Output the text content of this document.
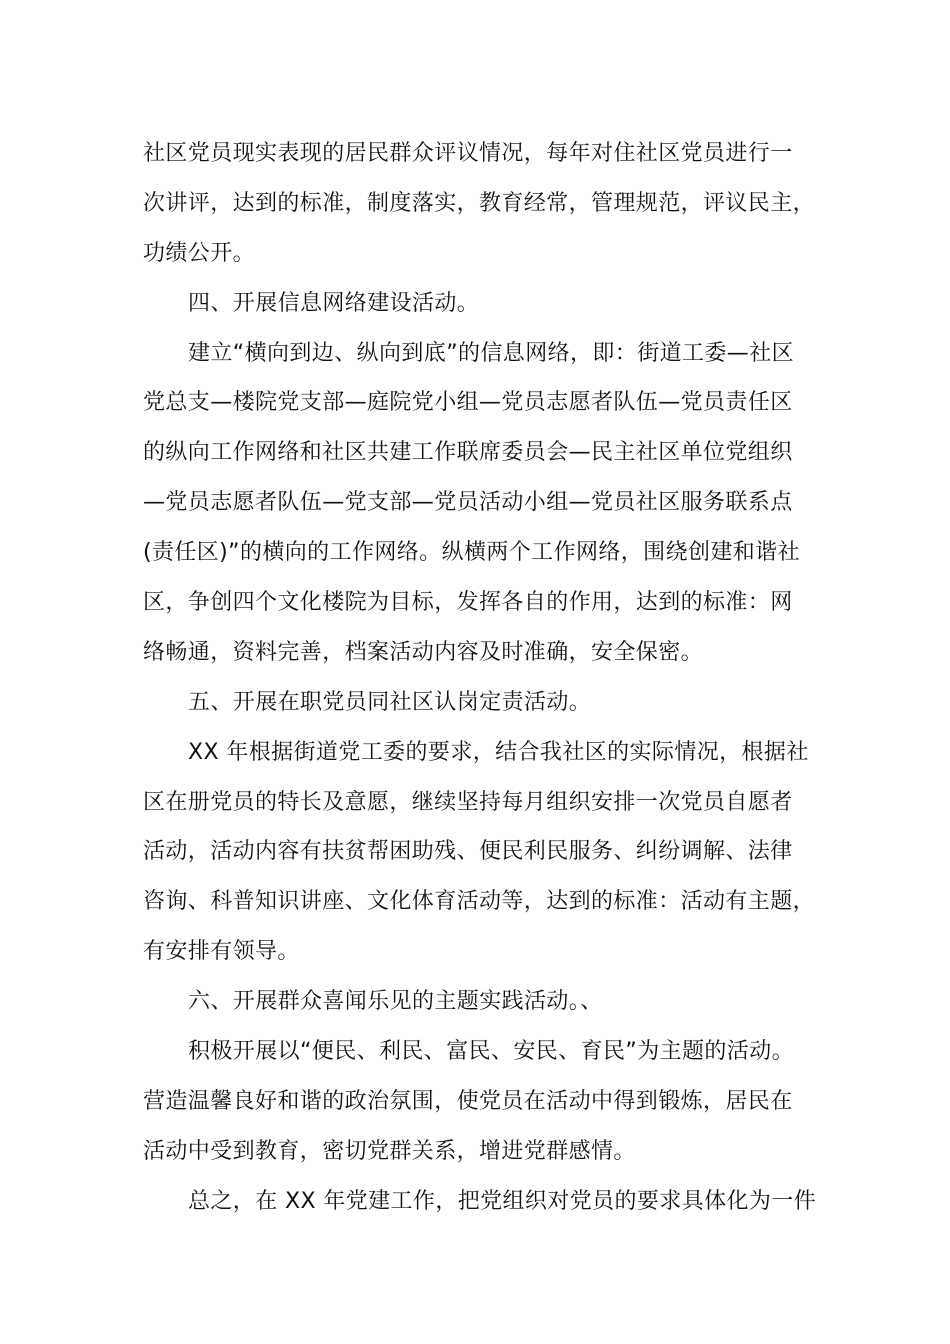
社区党员现实表现的居民群众评议情况，每年对住社区党员进行一
次讲评，达到的标准，制度落实，教育经常，管理规范，评议民主，
功绩公开。
四、开展信息网络建设活动。
建立“横向到边、纵向到底”的信息网络，即：街道工委—社区
党总支—楼院党支部—庭院党小组—党员志愿者队伍—党员责任区
的纵向工作网络和社区共建工作联席委员会—民主社区单位党组织
—党员志愿者队伍—党支部—党员活动小组—党员社区服务联系点
(责任区)”的横向的工作网络。纵横两个工作网络，围绕创建和谐社
区，争创四个文化楼院为目标，发挥各自的作用，达到的标准：网
络畅通，资料完善，档案活动内容及时准确，安全保密。
五、开展在职党员同社区认岗定责活动。
XX 年根据街道党工委的要求，结合我社区的实际情况，根据社
区在册党员的特长及意愿，继续坚持每月组织安排一次党员自愿者
活动，活动内容有扶贫帮困助残、便民利民服务、纠纷调解、法律
咨询、科普知识讲座、文化体育活动等，达到的标准：活动有主题，
有安排有领导。
六、开展群众喜闻乐见的主题实践活动。、
积极开展以“便民、利民、富民、安民、育民”为主题的活动。
营造温馨良好和谐的政治氛围，使党员在活动中得到锻炼，居民在
活动中受到教育，密切党群关系，增进党群感情。
总之，在 XX 年党建工作，把党组织对党员的要求具体化为一件
